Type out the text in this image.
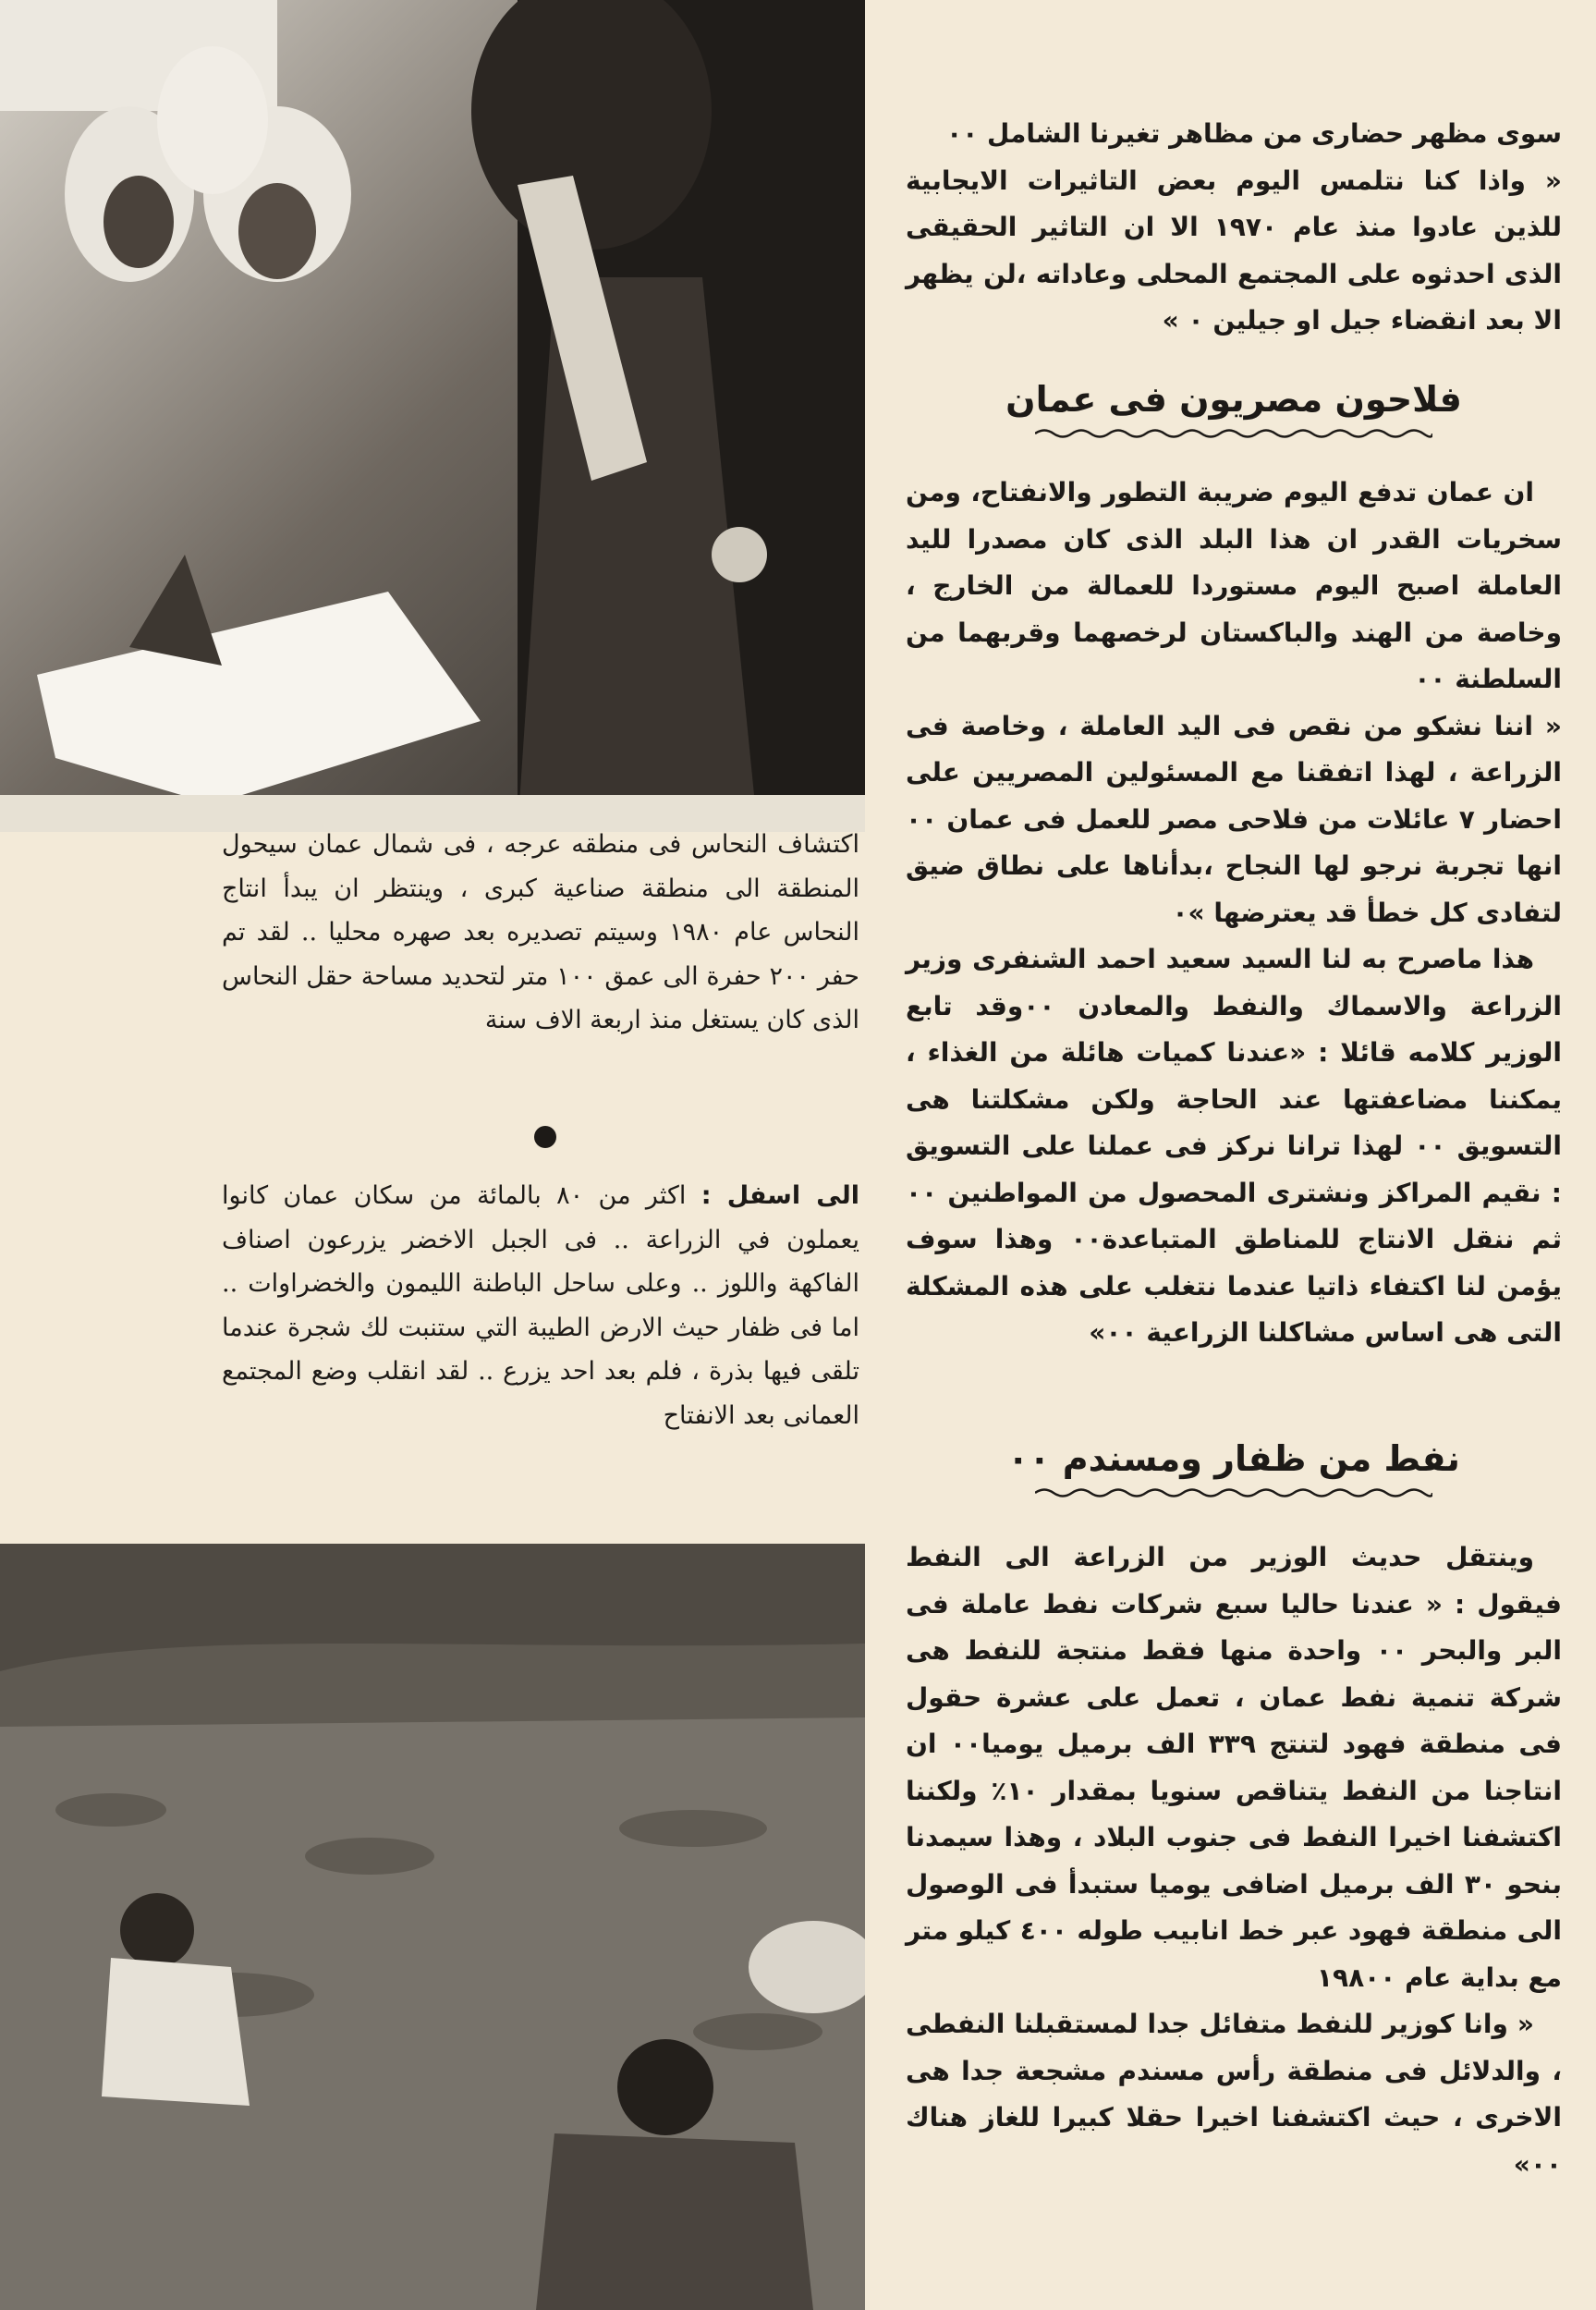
سوى مظهر حضارى من مظاهر تغيرنا الشامل ٠٠

« واذا كنا نتلمس اليوم بعض التاثيرات الايجابية للذين عادوا منذ عام ١٩٧٠ الا ان التاثير الحقيقى الذى احدثوه على المجتمع المحلى وعاداته ،لن يظهر الا بعد انقضاء جيل او جيلين ٠ »

فلاحون مصريون فى عمان

ان عمان تدفع اليوم ضريبة التطور والانفتاح، ومن سخريات القدر ان هذا البلد الذى كان مصدرا لليد العاملة اصبح اليوم مستوردا للعمالة من الخارج ، وخاصة من الهند والباكستان لرخصهما وقربهما من السلطنة ٠٠

« اننا نشكو من نقص فى اليد العاملة ، وخاصة فى الزراعة ، لهذا اتفقنا مع المسئولين المصريين على احضار ٧ عائلات من فلاحى مصر للعمل فى عمان ٠٠ انها تجربة نرجو لها النجاح ،بدأناها على نطاق ضيق لتفادى كل خطأ قد يعترضها »٠

هذا ماصرح به لنا السيد سعيد احمد الشنفرى وزير الزراعة والاسماك والنفط والمعادن ٠٠وقد تابع الوزير كلامه قائلا : «عندنا كميات هائلة من الغذاء ، يمكننا مضاعفتها عند الحاجة ولكن مشكلتنا هى التسويق ٠٠ لهذا ترانا نركز فى عملنا على التسويق : نقيم المراكز ونشترى المحصول من المواطنين ٠٠ ثم ننقل الانتاج للمناطق المتباعدة٠٠ وهذا سوف يؤمن لنا اكتفاء ذاتيا عندما نتغلب على هذه المشكلة التى هى اساس مشاكلنا الزراعية ٠٠»

نفط من ظفار ومسندم ٠٠

وينتقل حديث الوزير من الزراعة الى النفط فيقول : « عندنا حاليا سبع شركات نفط عاملة فى البر والبحر ٠٠ واحدة منها فقط منتجة للنفط هى شركة تنمية نفط عمان ، تعمل على عشرة حقول فى منطقة فهود لتنتج ٣٣٩ الف برميل يوميا٠٠ ان انتاجنا من النفط يتناقص سنويا بمقدار ١٠٪ ولكننا اكتشفنا اخيرا النفط فى جنوب البلاد ، وهذا سيمدنا بنحو ٣٠ الف برميل اضافى يوميا ستبدأ فى الوصول الى منطقة فهود عبر خط انابيب طوله ٤٠٠ كيلو متر مع بداية عام ١٩٨٠٠

« وانا كوزير للنفط متفائل جدا لمستقبلنا النفطى ، والدلائل فى منطقة رأس مسندم مشجعة جدا هى الاخرى ، حيث اكتشفنا اخيرا حقلا كبيرا للغاز هناك ٠٠»

اكتشاف النحاس فى منطقه عرجه ، فى شمال عمان سيحول المنطقة الى منطقة صناعية كبرى ، وينتظر ان يبدأ انتاج النحاس عام ١٩٨٠ وسيتم تصديره بعد صهره محليا .. لقد تم حفر ٢٠٠ حفرة الى عمق ١٠٠ متر لتحديد مساحة حقل النحاس الذى كان يستغل منذ اربعة الاف سنة

الى اسفل : اكثر من ٨٠ بالمائة من سكان عمان كانوا يعملون في الزراعة .. فى الجبل الاخضر يزرعون اصناف الفاكهة واللوز .. وعلى ساحل الباطنة الليمون والخضراوات .. اما فى ظفار حيث الارض الطيبة التي ستنبت لك شجرة عندما تلقى فيها بذرة ، فلم بعد احد يزرع .. لقد انقلب وضع المجتمع العمانى بعد الانفتاح
